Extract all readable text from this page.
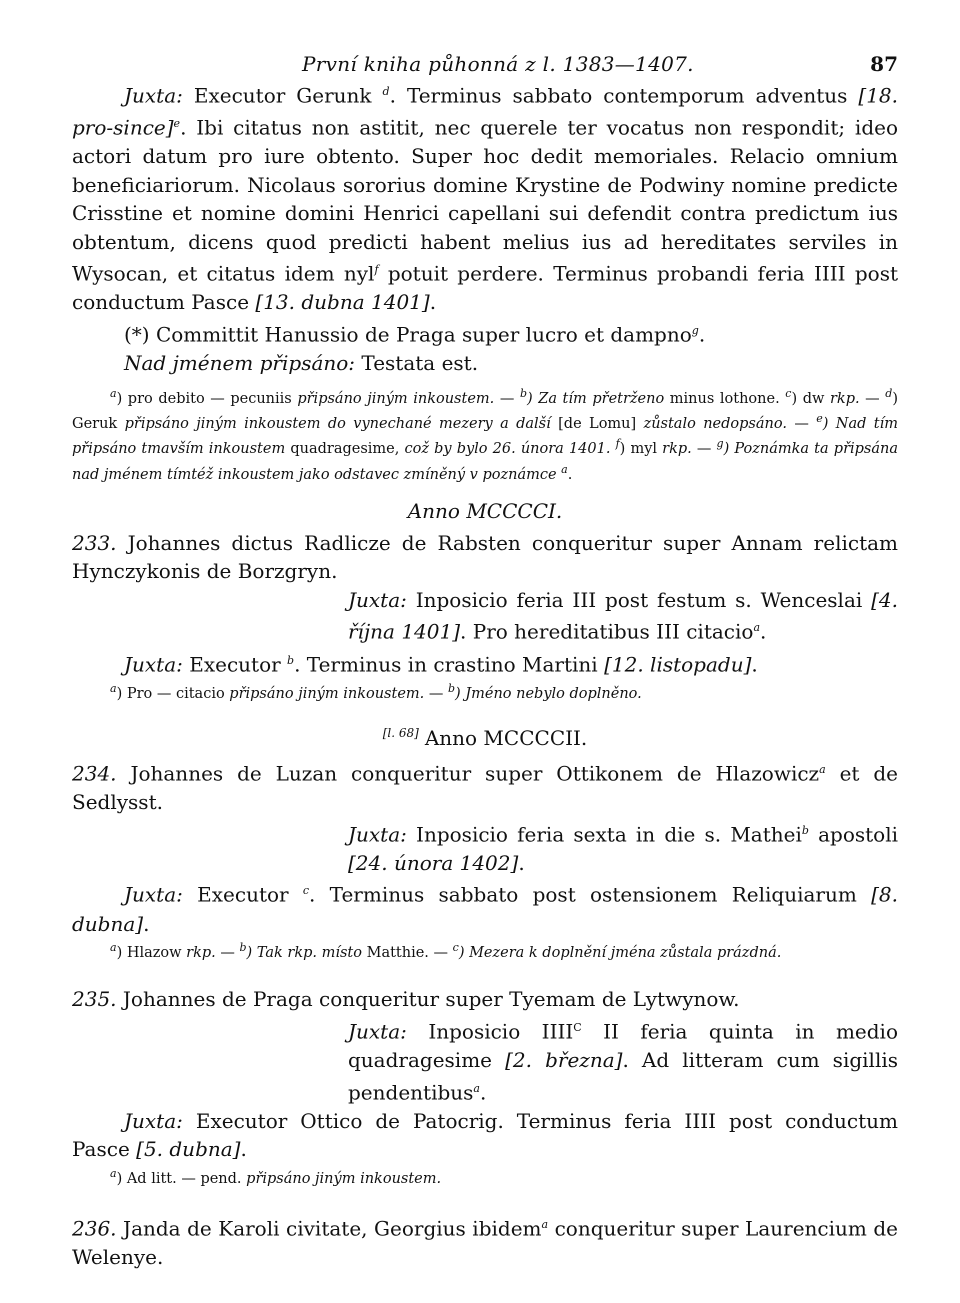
První kniha půhonná z l. 1383—1407.	87

Juxta: Executor Gerunk $^d$. Terminus sabbato contemporum adventus [18. pro-since]$^e$. Ibi citatus non astitit, nec querele ter vocatus non respondit; ideo actori datum pro iure obtento. Super hoc dedit memoriales. Relacio omnium beneficiariorum. Nicolaus sororius domine Krystine de Podwiny nomine predicte Crisstine et nomine domini Henrici capellani sui defendit contra predictum ius obtentum, dicens quod predicti habent melius ius ad hereditates serviles in Wysocan, et citatus idem nyl$^f$ potuit perdere. Terminus probandi feria IIII post conductum Pasce [13. dubna 1401].

(*) Committit Hanussio de Praga super lucro et dampno$^g$.

Nad jménem připsáno: Testata est.

$^a$) pro debito — pecuniis připsáno jiným inkoustem. — $^b$) Za tím přetrženo minus lothone. $^c$) dw rkp. — $^d$) Geruk připsáno jiným inkoustem do vynechané mezery a další [de Lomu] zůstalo nedopsáno. — $^e$) Nad tím připsáno tmavším inkoustem quadragesime, což by bylo 26. února 1401. $^f$) myl rkp. — $^g$) Poznámka ta připsána nad jménem tímtéž inkoustem jako odstavec zmíněný v poznámce $^a$.

Anno MCCCCI.

233. Johannes dictus Radlicze de Rabsten conqueritur super Annam relictam Hynczykonis de Borzgryn.

Juxta: Inposicio feria III post festum s. Wenceslai [4. října 1401]. Pro hereditatibus III citacio$^a$.

Juxta: Executor $^b$. Terminus in crastino Martini [12. listopadu].

$^a$) Pro — citacio připsáno jiným inkoustem. — $^b$) Jméno nebylo doplněno.

[l. 68] Anno MCCCCII.

234. Johannes de Luzan conqueritur super Ottikonem de Hlazowicz$^a$ et de Sedlysst.

Juxta: Inposicio feria sexta in die s. Mathei$^b$ apostoli [24. února 1402].

Juxta: Executor $^c$. Terminus sabbato post ostensionem Reliquiarum [8. dubna].

$^a$) Hlazow rkp. — $^b$) Tak rkp. místo Matthie. — $^c$) Mezera k doplnění jména zůstala prázdná.

235. Johannes de Praga conqueritur super Tyemam de Lytwynow.

Juxta: Inposicio $IIII^C$ II feria quinta in medio quadragesime [2. března]. Ad litteram cum sigillis pendentibus$^a$.

Juxta: Executor Ottico de Patocrig. Terminus feria IIII post conductum Pasce [5. dubna].

$^a$) Ad litt. — pend. připsáno jiným inkoustem.

236. Janda de Karoli civitate, Georgius ibidem$^a$ conqueritur super Laurencium de Welenye.
